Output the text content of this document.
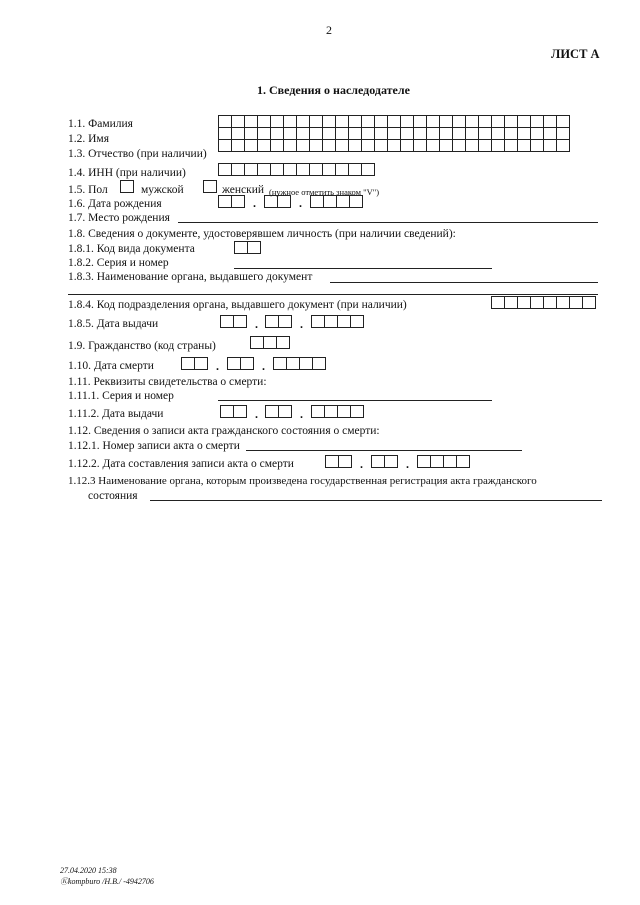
2
ЛИСТ А
1. Сведения о наследодателе
1.1. Фамилия
1.2. Имя
1.3. Отчество (при наличии)
1.4. ИНН (при наличии)
1.5. Пол	мужской	женский (нужное отметить знаком "V")
1.6. Дата рождения	.	.
1.7. Место рождения
1.8. Сведения о документе, удостоверявшем личность (при наличии сведений):
1.8.1. Код вида документа
1.8.2. Серия и номер
1.8.3. Наименование органа, выдавшего документ
1.8.4. Код подразделения органа, выдавшего документ (при наличии)
1.8.5. Дата выдачи	.	.
1.9. Гражданство (код страны)
1.10. Дата смерти	.	.
1.11. Реквизиты свидетельства о смерти:
1.11.1. Серия и номер
1.11.2. Дата выдачи	.	.
1.12. Сведения о записи акта гражданского состояния о смерти:
1.12.1. Номер записи акта о смерти
1.12.2. Дата составления записи акта о смерти	.	.
1.12.3 Наименование органа, которым произведена государственная регистрация акта гражданского
состояния
27.04.2020 15:38
Ⓚkompburo /Н.В./ -4942706
